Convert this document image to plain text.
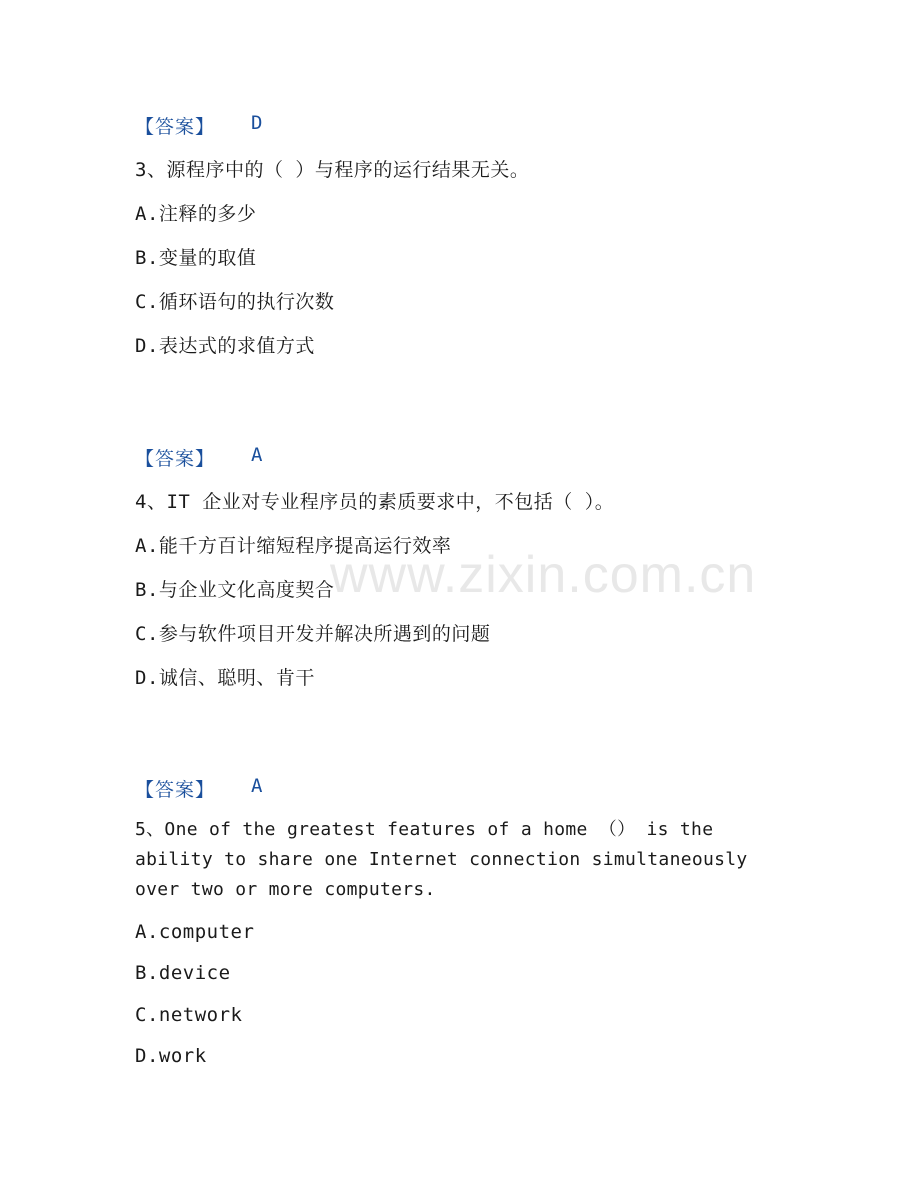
www.zixin.com.cn
【答案】 D
3、源程序中的（ ）与程序的运行结果无关。
A.注释的多少
B.变量的取值
C.循环语句的执行次数
D.表达式的求值方式
【答案】 A
4、IT 企业对专业程序员的素质要求中，不包括（ ）。
A.能千方百计缩短程序提高运行效率
B.与企业文化高度契合
C.参与软件项目开发并解决所遇到的问题
D.诚信、聪明、肯干
【答案】 A
5、One of the greatest features of a home （） is the ability to share one Internet connection simultaneously over two or more computers.
A.computer
B.device
C.network
D.work
